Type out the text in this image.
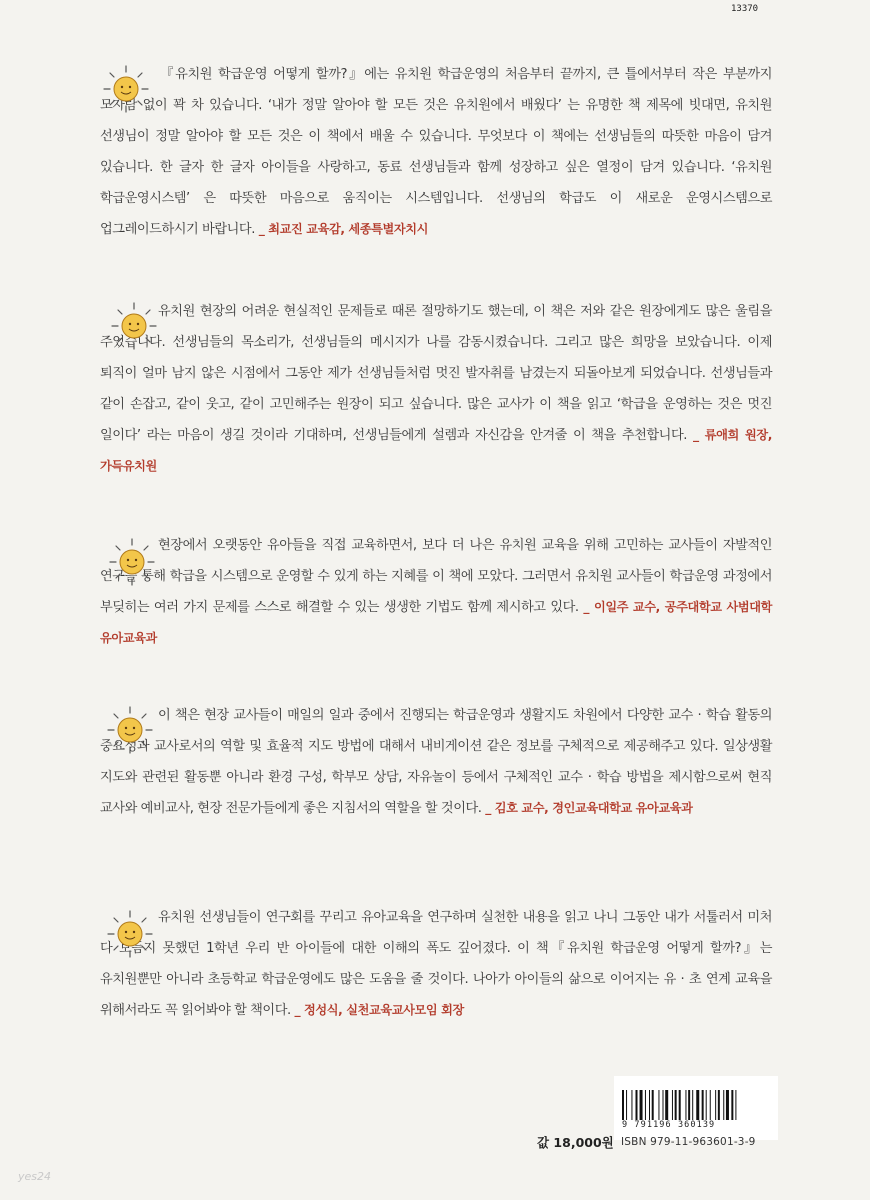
『유치원 학급운영 어떻게 할까?』에는 유치원 학급운영의 처음부터 끝까지, 큰 틀에서부터 작은 부분까지 모자람 없이 꽉 차 있습니다. ‘내가 정말 알아야 할 모든 것은 유치원에서 배웠다’ 는 유명한 책 제목에 빗대면, 유치원 선생님이 정말 알아야 할 모든 것은 이 책에서 배울 수 있습니다. 무엇보다 이 책에는 선생님들의 따뜻한 마음이 담겨 있습니다. 한 글자 한 글자 아이들을 사랑하고, 동료 선생님들과 함께 성장하고 싶은 열정이 담겨 있습니다. ‘유치원 학급운영시스템’ 은 따뜻한 마음으로 움직이는 시스템입니다. 선생님의 학급도 이 새로운 운영시스템으로 업그레이드하시기 바랍니다. _ 최교진 교육감, 세종특별자치시

유치원 현장의 어려운 현실적인 문제들로 때론 절망하기도 했는데, 이 책은 저와 같은 원장에게도 많은 울림을 주었습니다. 선생님들의 목소리가, 선생님들의 메시지가 나를 감동시켰습니다. 그리고 많은 희망을 보았습니다. 이제 퇴직이 얼마 남지 않은 시점에서 그동안 제가 선생님들처럼 멋진 발자취를 남겼는지 되돌아보게 되었습니다. 선생님들과 같이 손잡고, 같이 웃고, 같이 고민해주는 원장이 되고 싶습니다. 많은 교사가 이 책을 읽고 ‘학급을 운영하는 것은 멋진 일이다’ 라는 마음이 생길 것이라 기대하며, 선생님들에게 설렘과 자신감을 안겨줄 이 책을 추천합니다. _ 류애희 원장, 가득유치원

현장에서 오랫동안 유아들을 직접 교육하면서, 보다 더 나은 유치원 교육을 위해 고민하는 교사들이 자발적인 연구를 통해 학급을 시스템으로 운영할 수 있게 하는 지혜를 이 책에 모았다. 그러면서 유치원 교사들이 학급운영 과정에서 부딪히는 여러 가지 문제를 스스로 해결할 수 있는 생생한 기법도 함께 제시하고 있다. _ 이일주 교수, 공주대학교 사범대학 유아교육과

이 책은 현장 교사들이 매일의 일과 중에서 진행되는 학급운영과 생활지도 차원에서 다양한 교수 · 학습 활동의 중요성과 교사로서의 역할 및 효율적 지도 방법에 대해서 내비게이션 같은 정보를 구체적으로 제공해주고 있다. 일상생활 지도와 관련된 활동뿐 아니라 환경 구성, 학부모 상담, 자유놀이 등에서 구체적인 교수 · 학습 방법을 제시함으로써 현직 교사와 예비교사, 현장 전문가들에게 좋은 지침서의 역할을 할 것이다. _ 김호 교수, 경인교육대학교 유아교육과

유치원 선생님들이 연구회를 꾸리고 유아교육을 연구하며 실천한 내용을 읽고 나니 그동안 내가 서툴러서 미처 다 보듬지 못했던 1학년 우리 반 아이들에 대한 이해의 폭도 깊어졌다. 이 책『유치원 학급운영 어떻게 할까?』는 유치원뿐만 아니라 초등학교 학급운영에도 많은 도움을 줄 것이다. 나아가 아이들의 삶으로 이어지는 유 · 초 연계 교육을 위해서라도 꼭 읽어봐야 할 책이다. _ 정성식, 실천교육교사모임 회장

9 791196 360139
13370
ISBN 979-11-963601-3-9
값 18,000원
yes24
